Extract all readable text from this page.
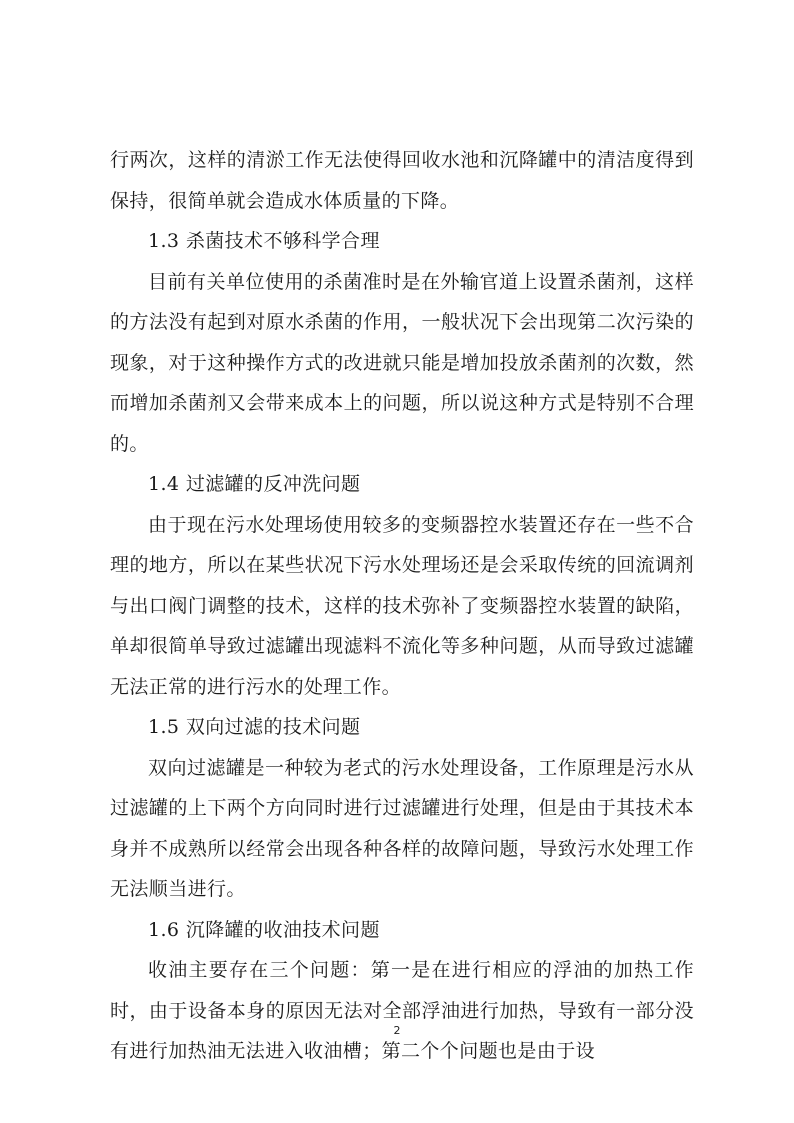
行两次，这样的清淤工作无法使得回收水池和沉降罐中的清洁度得到保持，很简单就会造成水体质量的下降。

1.3 杀菌技术不够科学合理

目前有关单位使用的杀菌准时是在外输官道上设置杀菌剂，这样的方法没有起到对原水杀菌的作用，一般状况下会出现第二次污染的现象，对于这种操作方式的改进就只能是增加投放杀菌剂的次数，然而增加杀菌剂又会带来成本上的问题，所以说这种方式是特别不合理的。

1.4 过滤罐的反冲洗问题

由于现在污水处理场使用较多的变频器控水装置还存在一些不合理的地方，所以在某些状况下污水处理场还是会采取传统的回流调剂与出口阀门调整的技术，这样的技术弥补了变频器控水装置的缺陷，单却很简单导致过滤罐出现滤料不流化等多种问题，从而导致过滤罐无法正常的进行污水的处理工作。

1.5 双向过滤的技术问题

双向过滤罐是一种较为老式的污水处理设备，工作原理是污水从过滤罐的上下两个方向同时进行过滤罐进行处理，但是由于其技术本身并不成熟所以经常会出现各种各样的故障问题，导致污水处理工作无法顺当进行。

1.6 沉降罐的收油技术问题

收油主要存在三个问题：第一是在进行相应的浮油的加热工作时，由于设备本身的原因无法对全部浮油进行加热，导致有一部分没有进行加热油无法进入收油槽；第二个个问题也是由于设

2
